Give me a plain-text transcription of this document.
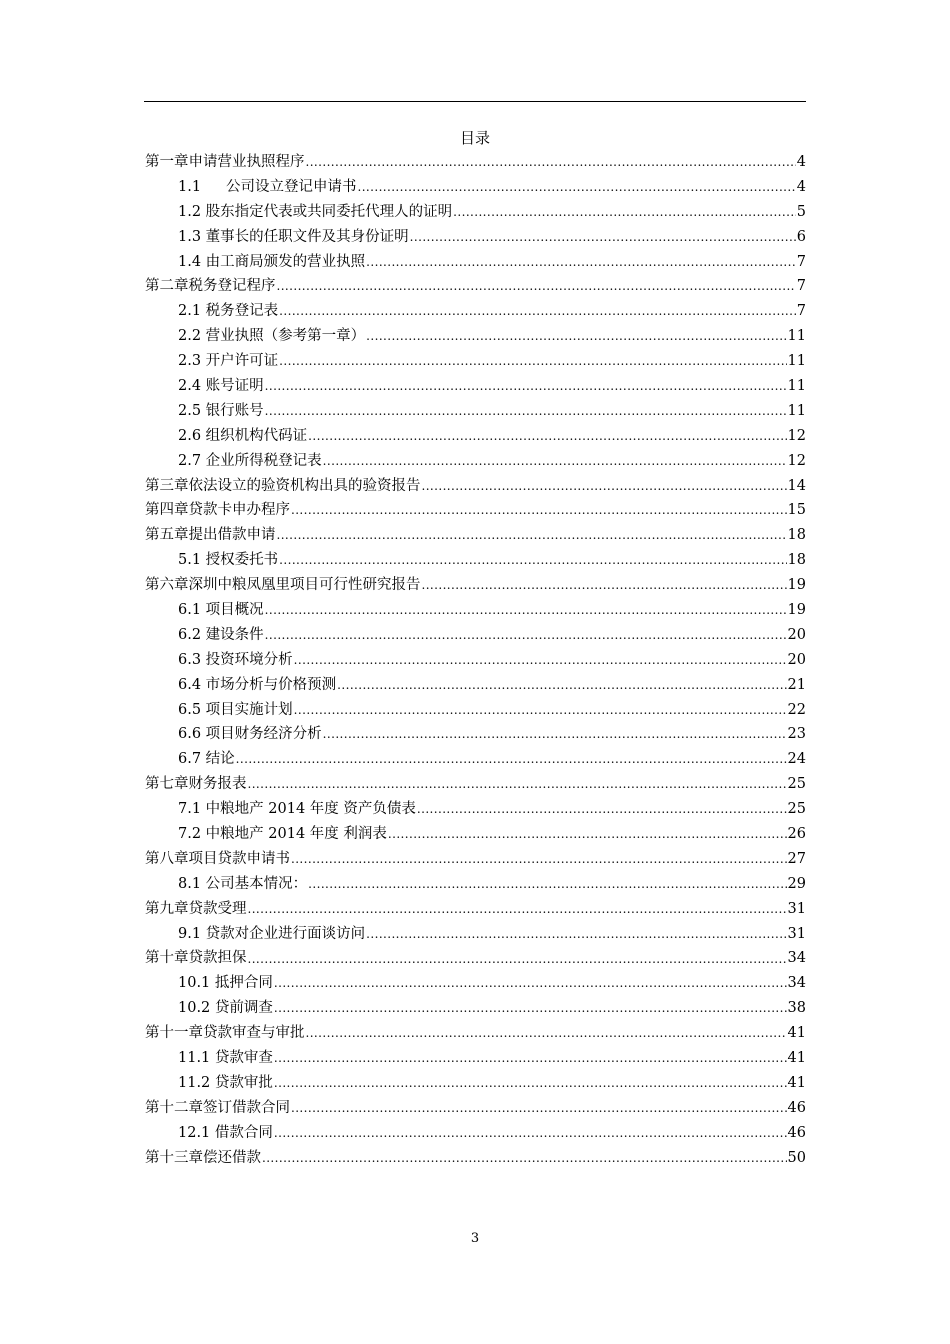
目录
第一章申请营业执照程序 .....	4
1.1 公司设立登记申请书 .....	4
1.2 股东指定代表或共同委托代理人的证明 .....	5
1.3 董事长的任职文件及其身份证明 .....	6
1.4 由工商局颁发的营业执照 .....	7
第二章税务登记程序 .....	7
2.1 税务登记表 .....	7
2.2 营业执照（参考第一章） .....	11
2.3 开户许可证 .....	11
2.4 账号证明 .....	11
2.5 银行账号 .....	11
2.6 组织机构代码证 .....	12
2.7 企业所得税登记表 .....	12
第三章依法设立的验资机构出具的验资报告 .....	14
第四章贷款卡申办程序 .....	15
第五章提出借款申请 .....	18
5.1 授权委托书 .....	18
第六章深圳中粮凤凰里项目可行性研究报告 .....	19
6.1 项目概况 .....	19
6.2 建设条件 .....	20
6.3 投资环境分析 .....	20
6.4 市场分析与价格预测 .....	21
6.5 项目实施计划 .....	22
6.6 项目财务经济分析 .....	23
6.7 结论 .....	24
第七章财务报表 .....	25
7.1 中粮地产 2014 年度 资产负债表 .....	25
7.2 中粮地产 2014 年度 利润表 .....	26
第八章项目贷款申请书 .....	27
8.1 公司基本情况： .....	29
第九章贷款受理 .....	31
9.1 贷款对企业进行面谈访问 .....	31
第十章贷款担保 .....	34
10.1 抵押合同 .....	34
10.2 贷前调查 .....	38
第十一章贷款审查与审批 .....	41
11.1 贷款审查 .....	41
11.2 贷款审批 .....	41
第十二章签订借款合同 .....	46
12.1 借款合同 .....	46
第十三章偿还借款 .....	50
3
